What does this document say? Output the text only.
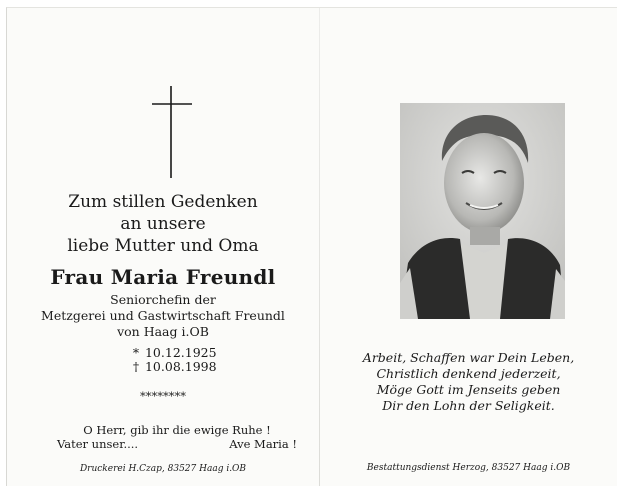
Zum stillen Gedenken
an unsere
liebe Mutter und Oma
Frau Maria Freundl
Seniorchefin der
Metzgerei und Gastwirtschaft Freundl
von Haag i.OB
* 10.12.1925
† 10.08.1998
********
O Herr, gib ihr die ewige Ruhe !
Vater unser....	Ave Maria !
Druckerei H.Czap, 83527 Haag i.OB
Arbeit, Schaffen war Dein Leben,
Christlich denkend jederzeit,
Möge Gott im Jenseits geben
Dir den Lohn der Seligkeit.
Bestattungsdienst Herzog, 83527 Haag i.OB
